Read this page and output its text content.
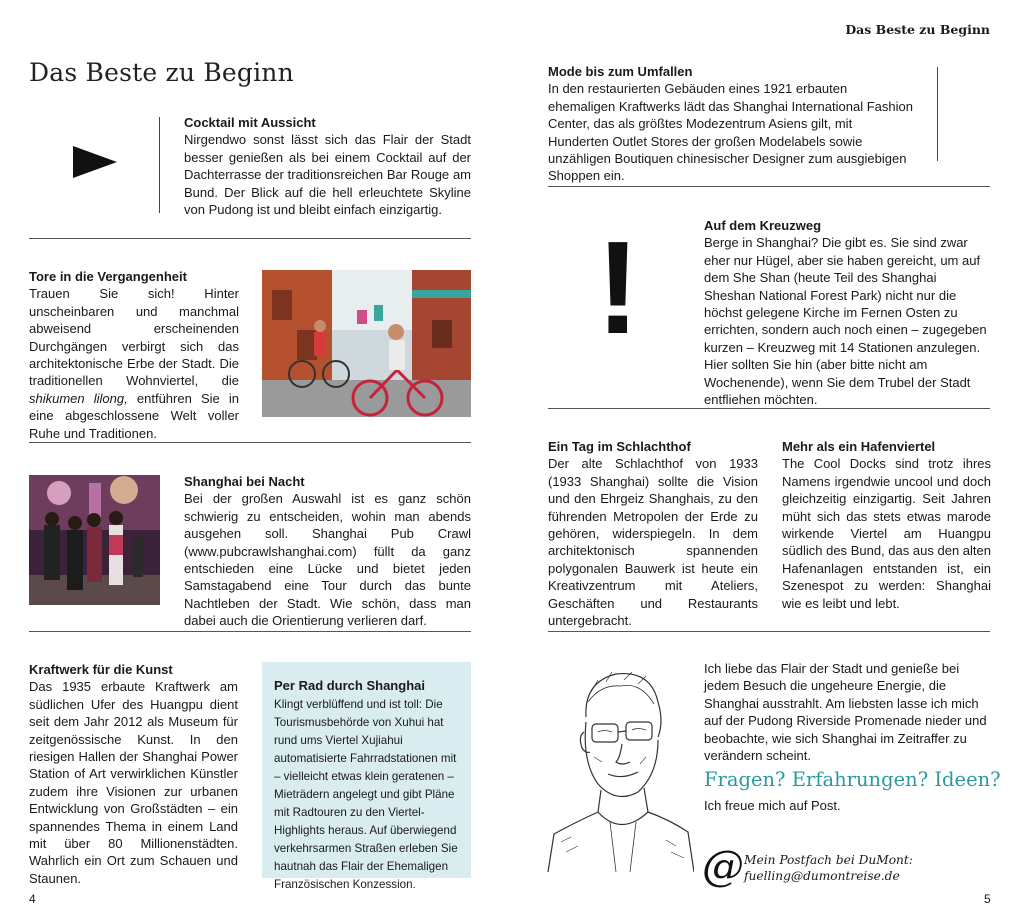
Das Beste zu Beginn
4	5
Das Beste zu Beginn
Cocktail mit Aussicht
Nirgendwo sonst lässt sich das Flair der Stadt besser genießen als bei einem Cocktail auf der Dachterrasse der traditionsreichen Bar Rouge am Bund. Der Blick auf die hell erleuchtete Skyline von Pudong ist und bleibt einfach einzigartig.
Tore in die Vergangenheit
Trauen Sie sich! Hinter unscheinbaren und manchmal abweisend erscheinenden Durchgängen verbirgt sich das architektonische Erbe der Stadt. Die traditionellen Wohnviertel, die shikumen lilong, entführen Sie in eine abgeschlossene Welt voller Ruhe und Traditionen.
Shanghai bei Nacht
Bei der großen Auswahl ist es ganz schön schwierig zu entscheiden, wohin man abends ausgehen soll. Shanghai Pub Crawl (www.pubcrawlshanghai.com) füllt da ganz entschieden eine Lücke und bietet jeden Samstagabend eine Tour durch das bunte Nachtleben der Stadt. Wie schön, dass man dabei auch die Orientierung verlieren darf.
Kraftwerk für die Kunst
Das 1935 erbaute Kraftwerk am südlichen Ufer des Huangpu dient seit dem Jahr 2012 als Museum für zeitgenössische Kunst. In den riesigen Hallen der Shanghai Power Station of Art verwirklichen Künstler zudem ihre Visionen zur urbanen Entwicklung von Großstädten – ein spannendes Thema in einem Land mit über 80 Millionenstädten. Wahrlich ein Ort zum Schauen und Staunen.
Per Rad durch Shanghai
Klingt verblüffend und ist toll: Die Tourismusbehörde von Xuhui hat rund ums Viertel Xujiahui automatisierte Fahrradstationen mit – vielleicht etwas klein geratenen – Mieträdern angelegt und gibt Pläne mit Radtouren zu den Viertel-Highlights heraus. Auf überwiegend verkehrsarmen Straßen erleben Sie hautnah das Flair der Ehemaligen Französischen Konzession.
Mode bis zum Umfallen
In den restaurierten Gebäuden eines 1921 erbauten ehemaligen Kraftwerks lädt das Shanghai International Fashion Center, das als größtes Modezentrum Asiens gilt, mit Hunderten Outlet Stores der großen Modelabels sowie unzähligen Boutiquen chinesischer Designer zum ausgiebigen Shoppen ein.
!	Auf dem Kreuzweg
Berge in Shanghai? Die gibt es. Sie sind zwar eher nur Hügel, aber sie haben gereicht, um auf dem She Shan (heute Teil des Shanghai Sheshan National Forest Park) nicht nur die höchst gelegene Kirche im Fernen Osten zu errichten, sondern auch noch einen – zugegeben kurzen – Kreuzweg mit 14 Stationen anzulegen. Hier sollten Sie hin (aber bitte nicht am Wochenende), wenn Sie dem Trubel der Stadt entfliehen möchten.
Ein Tag im Schlachthof
Der alte Schlachthof von 1933 (1933 Shanghai) sollte die Vision und den Ehrgeiz Shanghais, zu den führenden Metropolen der Erde zu gehören, widerspiegeln. In dem architektonisch spannenden polygonalen Bauwerk ist heute ein Kreativzentrum mit Ateliers, Geschäften und Restaurants untergebracht.
Mehr als ein Hafenviertel
The Cool Docks sind trotz ihres Namens irgendwie uncool und doch gleichzeitig einzigartig. Seit Jahren müht sich das stets etwas marode wirkende Viertel am Huangpu südlich des Bund, das aus den alten Hafenanlagen entstanden ist, ein Szenespot zu werden: Shanghai wie es leibt und lebt.
Ich liebe das Flair der Stadt und genieße bei jedem Besuch die ungeheure Energie, die Shanghai ausstrahlt. Am liebsten lasse ich mich auf der Pudong Riverside Promenade nieder und beobachte, wie sich Shanghai im Zeitraffer zu verändern scheint.
Fragen? Erfahrungen? Ideen?
Ich freue mich auf Post.
@ Mein Postfach bei DuMont:
fuelling@dumontreise.de
